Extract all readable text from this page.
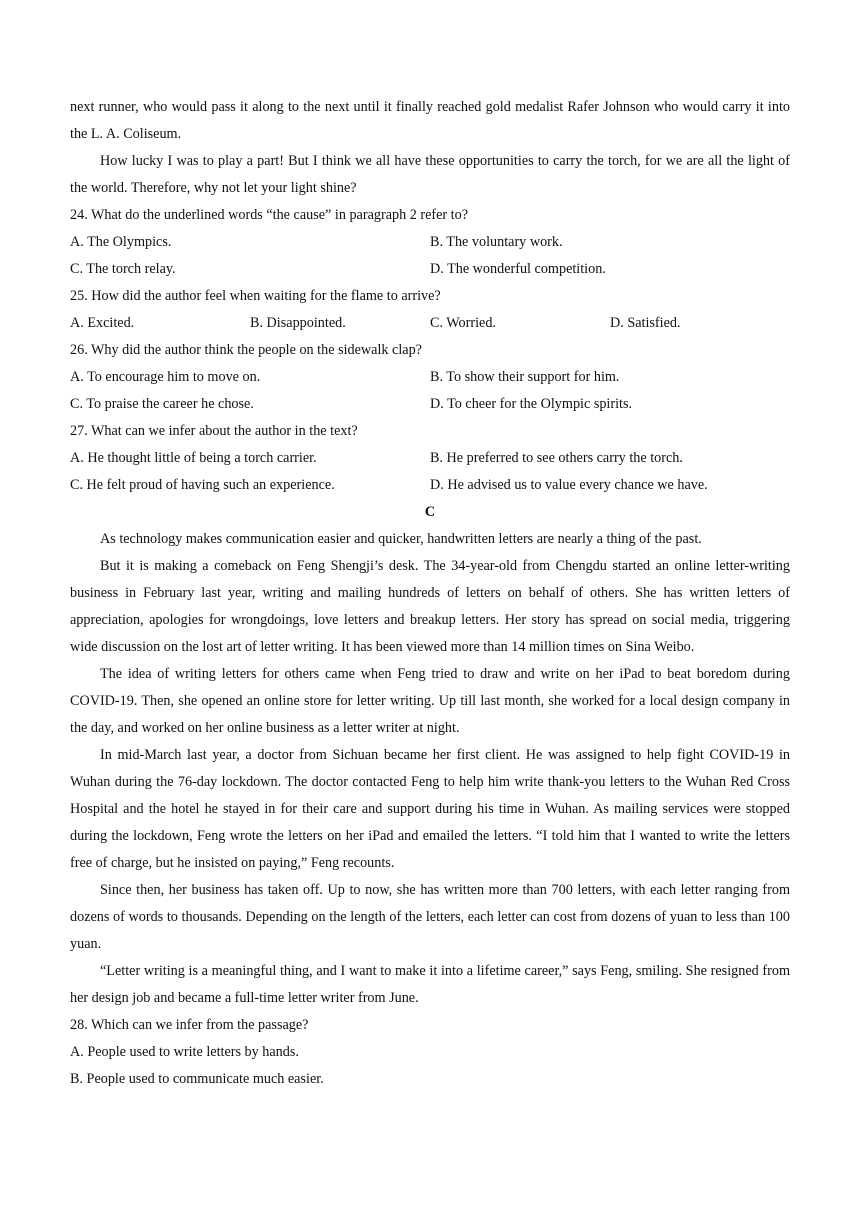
next runner, who would pass it along to the next until it finally reached gold medalist Rafer Johnson who would carry it into the L. A. Coliseum.

How lucky I was to play a part! But I think we all have these opportunities to carry the torch, for we are all the light of the world. Therefore, why not let your light shine?

24. What do the underlined words “the cause” in paragraph 2 refer to?

A. The Olympics.	B. The voluntary work.
C. The torch relay.	D. The wonderful competition.

25. How did the author feel when waiting for the flame to arrive?

A. Excited.	B. Disappointed.	C. Worried.	D. Satisfied.

26. Why did the author think the people on the sidewalk clap?

A. To encourage him to move on.	B. To show their support for him.
C. To praise the career he chose.	D. To cheer for the Olympic spirits.

27. What can we infer about the author in the text?

A. He thought little of being a torch carrier.	B. He preferred to see others carry the torch.
C. He felt proud of having such an experience.	D. He advised us to value every chance we have.

C

As technology makes communication easier and quicker, handwritten letters are nearly a thing of the past.

But it is making a comeback on Feng Shengji’s desk. The 34-year-old from Chengdu started an online letter-writing business in February last year, writing and mailing hundreds of letters on behalf of others. She has written letters of appreciation, apologies for wrongdoings, love letters and breakup letters. Her story has spread on social media, triggering wide discussion on the lost art of letter writing. It has been viewed more than 14 million times on Sina Weibo.

The idea of writing letters for others came when Feng tried to draw and write on her iPad to beat boredom during COVID-19. Then, she opened an online store for letter writing. Up till last month, she worked for a local design company in the day, and worked on her online business as a letter writer at night.

In mid-March last year, a doctor from Sichuan became her first client. He was assigned to help fight COVID-19 in Wuhan during the 76-day lockdown. The doctor contacted Feng to help him write thank-you letters to the Wuhan Red Cross Hospital and the hotel he stayed in for their care and support during his time in Wuhan. As mailing services were stopped during the lockdown, Feng wrote the letters on her iPad and emailed the letters. “I told him that I wanted to write the letters free of charge, but he insisted on paying,” Feng recounts.

Since then, her business has taken off. Up to now, she has written more than 700 letters, with each letter ranging from dozens of words to thousands. Depending on the length of the letters, each letter can cost from dozens of yuan to less than 100 yuan.

“Letter writing is a meaningful thing, and I want to make it into a lifetime career,” says Feng, smiling. She resigned from her design job and became a full-time letter writer from June.

28. Which can we infer from the passage?

A. People used to write letters by hands.

B. People used to communicate much easier.
